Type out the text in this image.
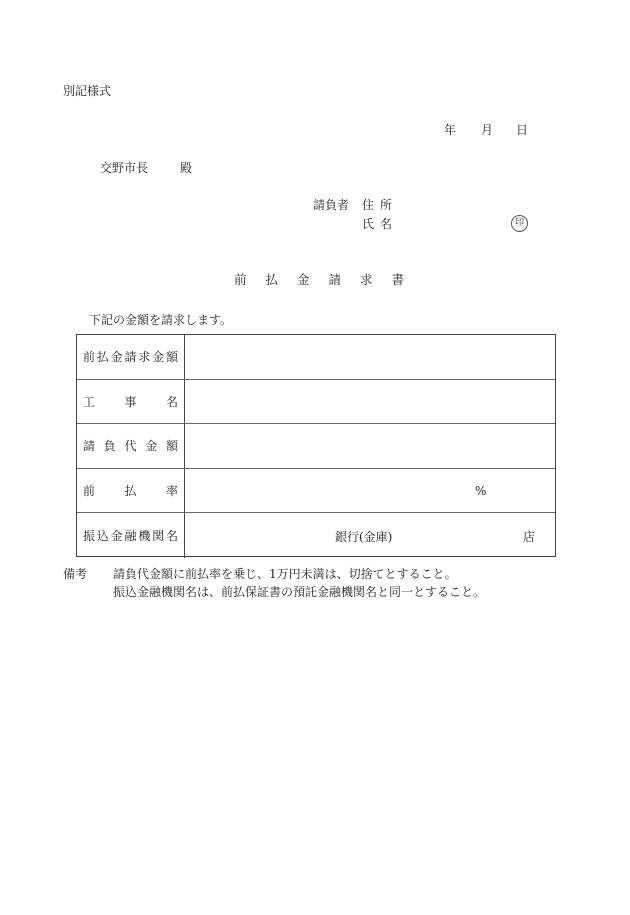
別記様式
年 月 日
交野市長	殿
請負者 住所
氏名	印
前払金請求書
下記の金額を請求します。
前 払 金 請 求 金 額
工 事 名
請 負 代 金 額
前 払 率	%
振 込 金 融 機 関 名	銀行(金庫)	店
備考 請負代金額に前払率を乗じ、1万円未満は、切捨てとすること。
振込金融機関名は、前払保証書の預託金融機関名と同一とすること。
